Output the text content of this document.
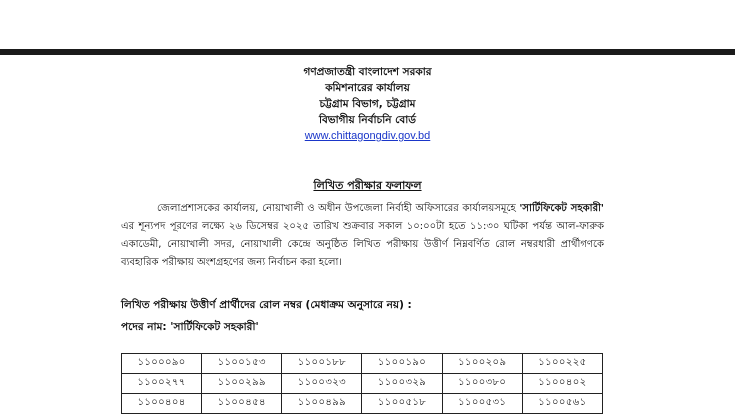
গণপ্রজাতন্ত্রী বাংলাদেশ সরকার
কমিশনারের কার্যালয়
চট্টগ্রাম বিভাগ, চট্টগ্রাম
বিভাগীয় নির্বাচনি বোর্ড
www.chittagongdiv.gov.bd
লিখিত পরীক্ষার ফলাফল
জেলাপ্রশাসকের কার্যালয়, নোয়াখালী ও অধীন উপজেলা নির্বাহী অফিসারের কার্যালয়সমূহে 'সার্টিফিকেট সহকারী' এর শূন্যপদ পূরণের লক্ষ্যে ২৬ ডিসেম্বর ২০২৫ তারিখ শুক্রবার সকাল ১০:০০টা হতে ১১:৩০ ঘটিকা পর্যন্ত আল-ফারুক একাডেমী, নোয়াখালী সদর, নোয়াখালী কেন্দ্রে অনুষ্ঠিত লিখিত পরীক্ষায় উত্তীর্ণ নিম্নবর্ণিত রোল নম্বরধারী প্রার্থীগণকে ব্যবহারিক পরীক্ষায় অংশগ্রহণের জন্য নির্বাচন করা হলো।
লিখিত পরীক্ষায় উত্তীর্ণ প্রার্থীদের রোল নম্বর (মেধাক্রম অনুসারে নয়) :
পদের নাম: 'সার্টিফিকেট সহকারী'
১১০০০৯০	১১০০১৫৩	১১০০১৮৮	১১০০১৯০	১১০০২০৯	১১০০২২৫
১১০০২৭৭	১১০০২৯৯	১১০০৩২৩	১১০০৩২৯	১১০০৩৮০	১১০০৪০২
১১০০৪০৪	১১০০৪৫৪	১১০০৪৯৯	১১০০৫১৮	১১০০৫৩১	১১০০৫৬১
